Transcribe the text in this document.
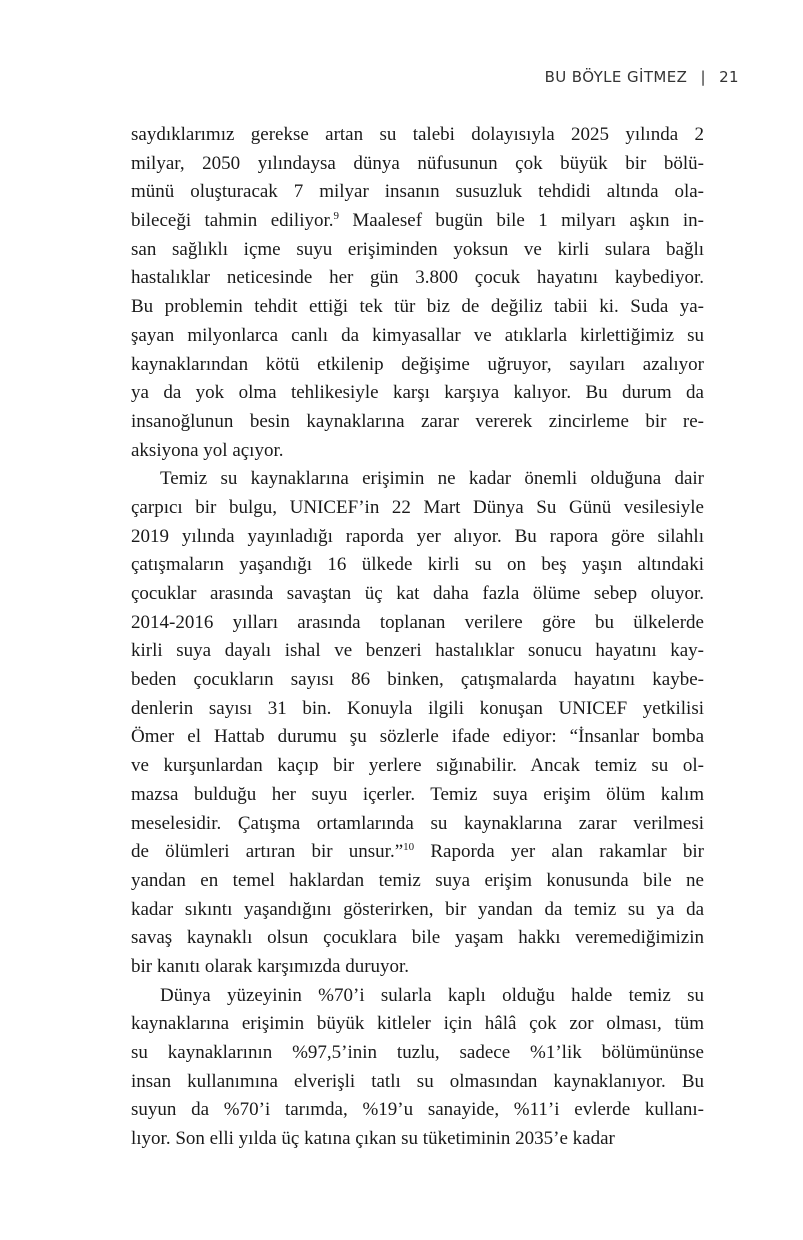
BU BÖYLE GİTMEZ | 21
saydıklarımız gerekse artan su talebi dolayısıyla 2025 yılında 2
milyar, 2050 yılındaysa dünya nüfusunun çok büyük bir bölü-
münü oluşturacak 7 milyar insanın susuzluk tehdidi altında ola-
bileceği tahmin ediliyor.$^9$ Maalesef bugün bile 1 milyarı aşkın in-
san sağlıklı içme suyu erişiminden yoksun ve kirli sulara bağlı
hastalıklar neticesinde her gün 3.800 çocuk hayatını kaybediyor.
Bu problemin tehdit ettiği tek tür biz de değiliz tabii ki. Suda ya-
şayan milyonlarca canlı da kimyasallar ve atıklarla kirlettiğimiz su
kaynaklarından kötü etkilenip değişime uğruyor, sayıları azalıyor
ya da yok olma tehlikesiyle karşı karşıya kalıyor. Bu durum da
insanoğlunun besin kaynaklarına zarar vererek zincirleme bir re-
aksiyona yol açıyor.
Temiz su kaynaklarına erişimin ne kadar önemli olduğuna dair
çarpıcı bir bulgu, UNICEF’in 22 Mart Dünya Su Günü vesilesiyle
2019 yılında yayınladığı raporda yer alıyor. Bu rapora göre silahlı
çatışmaların yaşandığı 16 ülkede kirli su on beş yaşın altındaki
çocuklar arasında savaştan üç kat daha fazla ölüme sebep oluyor.
2014-2016 yılları arasında toplanan verilere göre bu ülkelerde
kirli suya dayalı ishal ve benzeri hastalıklar sonucu hayatını kay-
beden çocukların sayısı 86 binken, çatışmalarda hayatını kaybe-
denlerin sayısı 31 bin. Konuyla ilgili konuşan UNICEF yetkilisi
Ömer el Hattab durumu şu sözlerle ifade ediyor: “İnsanlar bomba
ve kurşunlardan kaçıp bir yerlere sığınabilir. Ancak temiz su ol-
mazsa bulduğu her suyu içerler. Temiz suya erişim ölüm kalım
meselesidir. Çatışma ortamlarında su kaynaklarına zarar verilmesi
de ölümleri artıran bir unsur.”$^{10}$ Raporda yer alan rakamlar bir
yandan en temel haklardan temiz suya erişim konusunda bile ne
kadar sıkıntı yaşandığını gösterirken, bir yandan da temiz su ya da
savaş kaynaklı olsun çocuklara bile yaşam hakkı veremediğimizin
bir kanıtı olarak karşımızda duruyor.
Dünya yüzeyinin %70’i sularla kaplı olduğu halde temiz su
kaynaklarına erişimin büyük kitleler için hâlâ çok zor olması, tüm
su kaynaklarının %97,5’inin tuzlu, sadece %1’lik bölümününse
insan kullanımına elverişli tatlı su olmasından kaynaklanıyor. Bu
suyun da %70’i tarımda, %19’u sanayide, %11’i evlerde kullanı-
lıyor. Son elli yılda üç katına çıkan su tüketiminin 2035’e kadar
